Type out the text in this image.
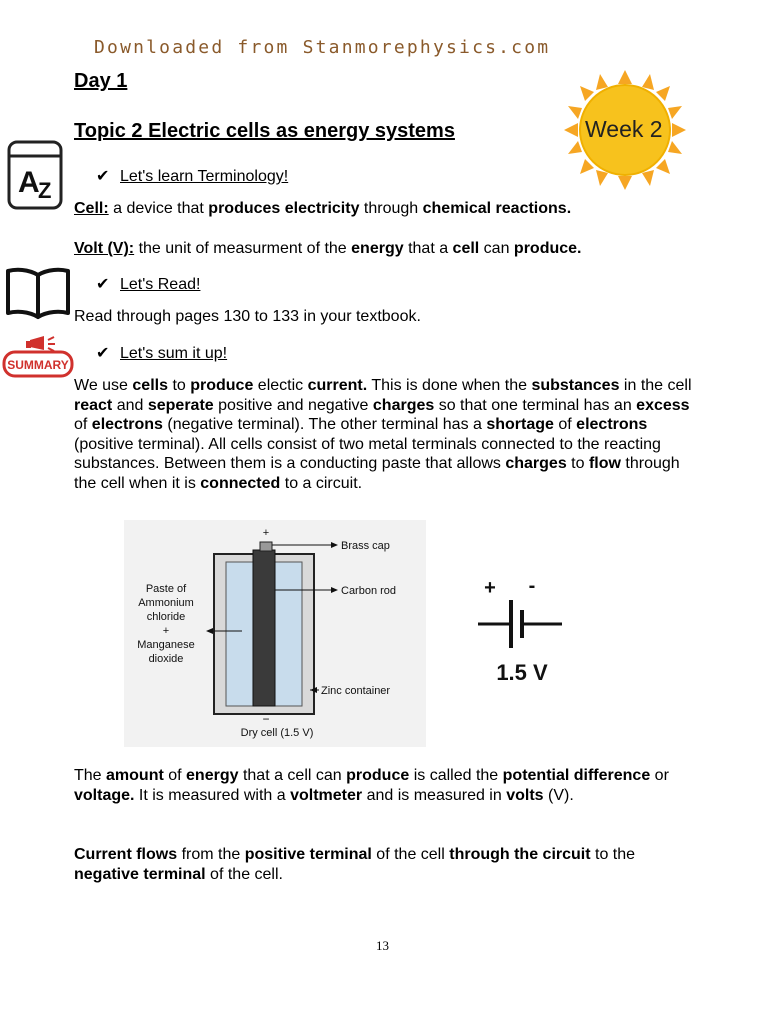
Downloaded from Stanmorephysics.com
Day 1
Topic 2 Electric cells as energy systems	Week 2
A
Z
SUMMARY
✔ Let's learn Terminology!
✔ Let's Read!
✔ Let's sum it up!
Cell: a device that produces electricity through chemical reactions.
Volt (V): the unit of measurment of the energy that a cell can produce.
Read through pages 130 to 133 in your textbook.
We use cells to produce electic current. This is done when the substances in the cell react and seperate positive and negative charges so that one terminal has an excess of electrons (negative terminal). The other terminal has a shortage of electrons (positive terminal). All cells consist of two metal terminals connected to the reacting substances. Between them is a conducting paste that allows charges to flow through the cell when it is connected to a circuit.
+
−
Brass cap
Carbon rod
Zinc container
Paste of
Ammonium
chloride
+
Manganese
dioxide
Dry cell (1.5 V)
+ -
1.5 V
The amount of energy that a cell can produce is called the potential difference or voltage. It is measured with a voltmeter and is measured in volts (V).
Current flows from the positive terminal of the cell through the circuit to the negative terminal of the cell.
13
